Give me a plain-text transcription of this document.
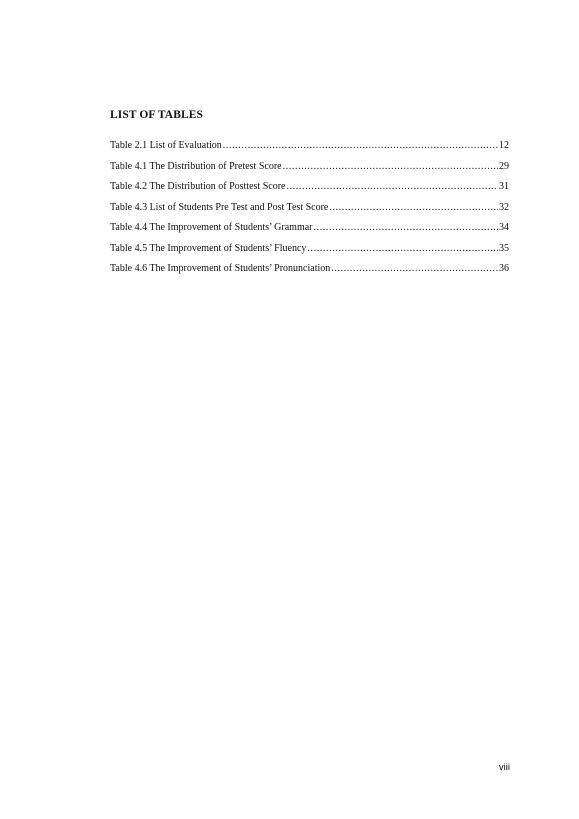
LIST OF TABLES
Table 2.1 List of Evaluation .....	12
Table 4.1 The Distribution of Pretest Score .....	29
Table 4.2 The Distribution of Posttest Score .....	31
Table 4.3 List of Students Pre Test and Post Test Score .....	32
Table 4.4 The Improvement of Students’ Grammar .....	34
Table 4.5 The Improvement of Students’ Fluency .....	35
Table 4.6 The Improvement of Students’ Pronunciation .....	36
viii
